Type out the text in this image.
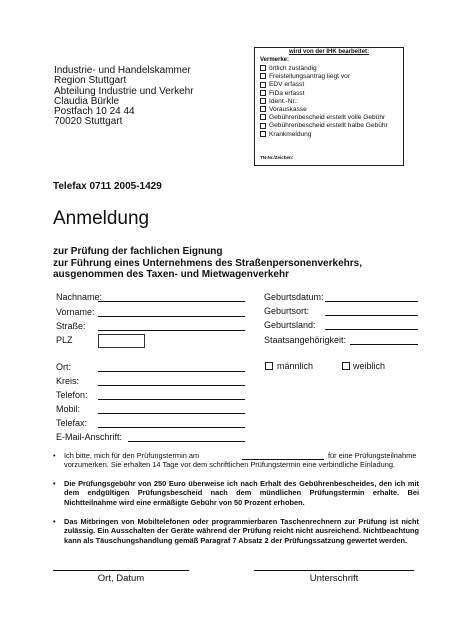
Industrie- und Handelskammer
Region Stuttgart
Abteilung Industrie und Verkehr
Claudia Bürkle
Postfach 10 24 44
70020 Stuttgart
wird von der IHK bearbeitet:
Vermerke:
örtlich zuständig
Freistellungsantrag liegt vor
EDV erfasst
FiDa erfasst
Ident.-Nr.:
Vorauskasse
Gebührenbescheid erstellt volle Gebühr
Gebührenbescheid erstellt halbe Gebühr
Krankmeldung
TN-Nr./Zeichen:
Telefax 0711 2005-1429
Anmeldung
zur Prüfung der fachlichen Eignung
zur Führung eines Unternehmens des Straßenpersonenverkehrs,
ausgenommen des Taxen- und Mietwagenverkehr
Nachname:
Vorname:
Straße:
PLZ
Ort:
Kreis:
Telefon:
Mobil:
Telefax:
E-Mail-Anschrift:
Geburtsdatum:
Geburtsort:
Geburtsland:
Staatsangehörigkeit:
männlich	weiblich
• Ich bitte, mich für den Prüfungstermin am	für eine Prüfungsteilnahme
vorzumerken. Sie erhalten 14 Tage vor dem schriftlichen Prüfungstermin eine verbindliche Einladung.
• Die Prüfungsgebühr von 250 Euro überweise ich nach Erhalt des Gebührenbescheides, den ich mit dem endgültigen Prüfungsbescheid nach dem mündlichen Prüfungstermin erhalte. Bei Nichtteilnahme wird eine ermäßigte Gebühr von 50 Prozent erhoben.
• Das Mitbringen von Mobiltelefonen oder programmierbaren Taschenrechnern zur Prüfung ist nicht zulässig. Ein Ausschalten der Geräte während der Prüfung reicht nicht ausreichend. Nichtbeachtung kann als Täuschungshandlung gemäß Paragraf 7 Absatz 2 der Prüfungssatzung gewertet werden.
Ort, Datum	Unterschrift
